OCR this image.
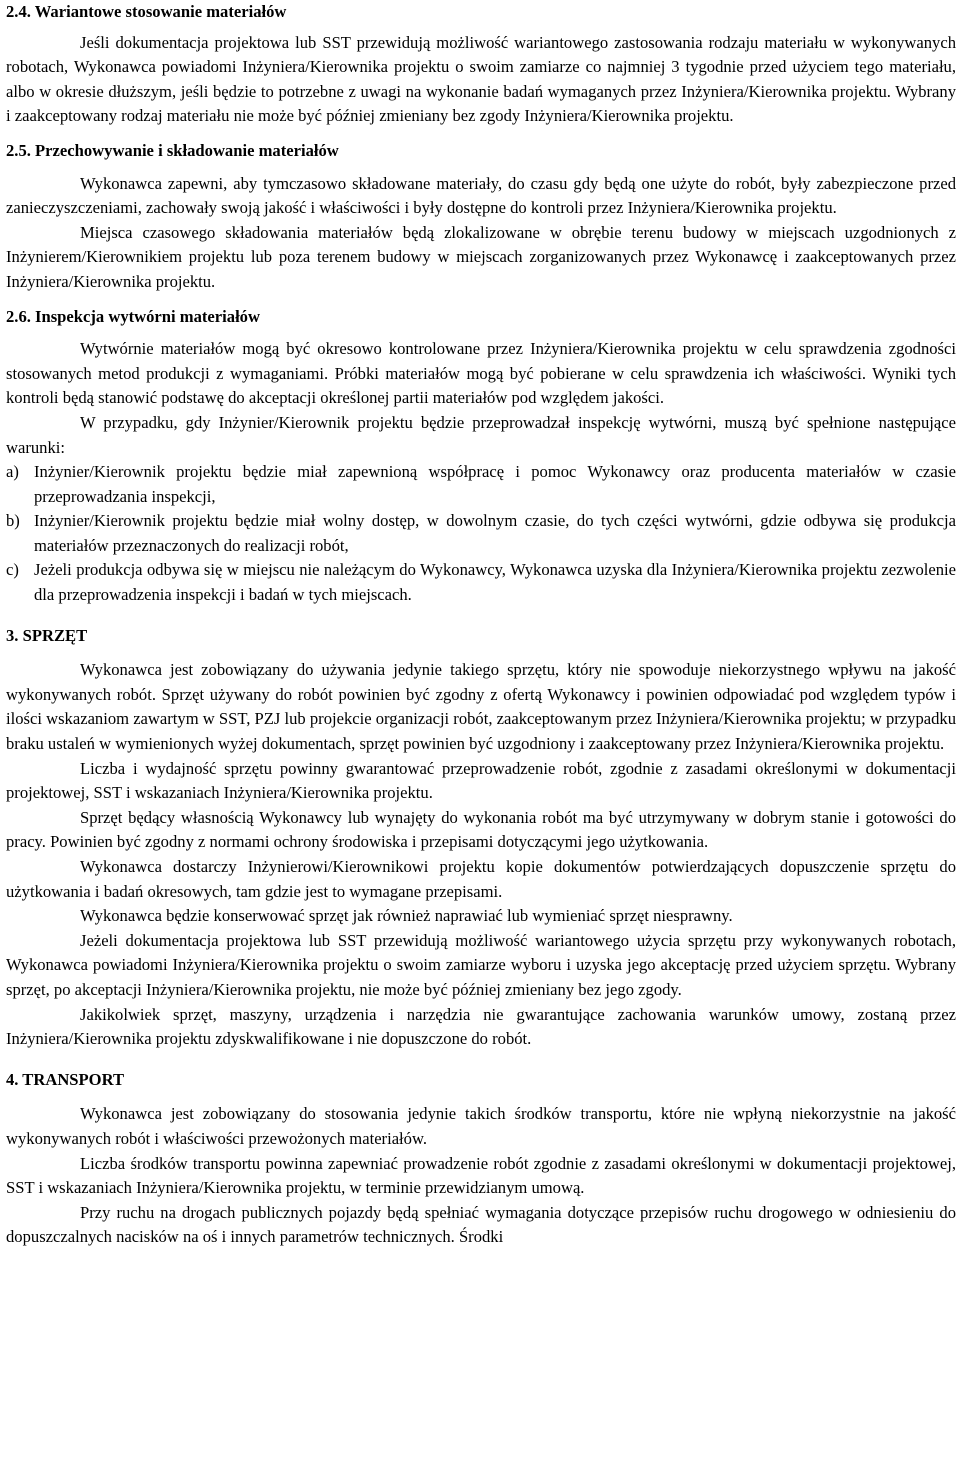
2.4. Wariantowe stosowanie materiałów

Jeśli dokumentacja projektowa lub SST przewidują możliwość wariantowego zastosowania rodzaju materiału w wykonywanych robotach, Wykonawca powiadomi Inżyniera/Kierownika projektu o swoim zamiarze co najmniej 3 tygodnie przed użyciem tego materiału, albo w okresie dłuższym, jeśli będzie to potrzebne z uwagi na wykonanie badań wymaganych przez Inżyniera/Kierownika projektu. Wybrany i zaakceptowany rodzaj materiału nie może być później zmieniany bez zgody Inżyniera/Kierownika projektu.

2.5. Przechowywanie i składowanie materiałów

Wykonawca zapewni, aby tymczasowo składowane materiały, do czasu gdy będą one użyte do robót, były zabezpieczone przed zanieczyszczeniami, zachowały swoją jakość i właściwości i były dostępne do kontroli przez Inżyniera/Kierownika projektu.

Miejsca czasowego składowania materiałów będą zlokalizowane w obrębie terenu budowy w miejscach uzgodnionych z Inżynierem/Kierownikiem projektu lub poza terenem budowy w miejscach zorganizowanych przez Wykonawcę i zaakceptowanych przez Inżyniera/Kierownika projektu.

2.6. Inspekcja wytwórni materiałów

Wytwórnie materiałów mogą być okresowo kontrolowane przez Inżyniera/Kierownika projektu w celu sprawdzenia zgodności stosowanych metod produkcji z wymaganiami. Próbki materiałów mogą być pobierane w celu sprawdzenia ich właściwości. Wyniki tych kontroli będą stanowić podstawę do akceptacji określonej partii materiałów pod względem jakości.

W przypadku, gdy Inżynier/Kierownik projektu będzie przeprowadzał inspekcję wytwórni, muszą być spełnione następujące warunki:

a) Inżynier/Kierownik projektu będzie miał zapewnioną współpracę i pomoc Wykonawcy oraz producenta materiałów w czasie przeprowadzania inspekcji,
b) Inżynier/Kierownik projektu będzie miał wolny dostęp, w dowolnym czasie, do tych części wytwórni, gdzie odbywa się produkcja materiałów przeznaczonych do realizacji robót,
c) Jeżeli produkcja odbywa się w miejscu nie należącym do Wykonawcy, Wykonawca uzyska dla Inżyniera/Kierownika projektu zezwolenie dla przeprowadzenia inspekcji i badań w tych miejscach.
3. SPRZĘT

Wykonawca jest zobowiązany do używania jedynie takiego sprzętu, który nie spowoduje niekorzystnego wpływu na jakość wykonywanych robót. Sprzęt używany do robót powinien być zgodny z ofertą Wykonawcy i powinien odpowiadać pod względem typów i ilości wskazaniom zawartym w SST, PZJ lub projekcie organizacji robót, zaakceptowanym przez Inżyniera/Kierownika projektu; w przypadku braku ustaleń w wymienionych wyżej dokumentach, sprzęt powinien być uzgodniony i zaakceptowany przez Inżyniera/Kierownika projektu.

Liczba i wydajność sprzętu powinny gwarantować przeprowadzenie robót, zgodnie z zasadami określonymi w dokumentacji projektowej, SST i wskazaniach Inżyniera/Kierownika projektu.

Sprzęt będący własnością Wykonawcy lub wynajęty do wykonania robót ma być utrzymywany w dobrym stanie i gotowości do pracy. Powinien być zgodny z normami ochrony środowiska i przepisami dotyczącymi jego użytkowania.

Wykonawca dostarczy Inżynierowi/Kierownikowi projektu kopie dokumentów potwierdzających dopuszczenie sprzętu do użytkowania i badań okresowych, tam gdzie jest to wymagane przepisami.

Wykonawca będzie konserwować sprzęt jak również naprawiać lub wymieniać sprzęt niesprawny.

Jeżeli dokumentacja projektowa lub SST przewidują możliwość wariantowego użycia sprzętu przy wykonywanych robotach, Wykonawca powiadomi Inżyniera/Kierownika projektu o swoim zamiarze wyboru i uzyska jego akceptację przed użyciem sprzętu. Wybrany sprzęt, po akceptacji Inżyniera/Kierownika projektu, nie może być później zmieniany bez jego zgody.

Jakikolwiek sprzęt, maszyny, urządzenia i narzędzia nie gwarantujące zachowania warunków umowy, zostaną przez Inżyniera/Kierownika projektu zdyskwalifikowane i nie dopuszczone do robót.

4. TRANSPORT

Wykonawca jest zobowiązany do stosowania jedynie takich środków transportu, które nie wpłyną niekorzystnie na jakość wykonywanych robót i właściwości przewożonych materiałów.

Liczba środków transportu powinna zapewniać prowadzenie robót zgodnie z zasadami określonymi w dokumentacji projektowej, SST i wskazaniach Inżyniera/Kierownika projektu, w terminie przewidzianym umową.

Przy ruchu na drogach publicznych pojazdy będą spełniać wymagania dotyczące przepisów ruchu drogowego w odniesieniu do dopuszczalnych nacisków na oś i innych parametrów technicznych. Środki
